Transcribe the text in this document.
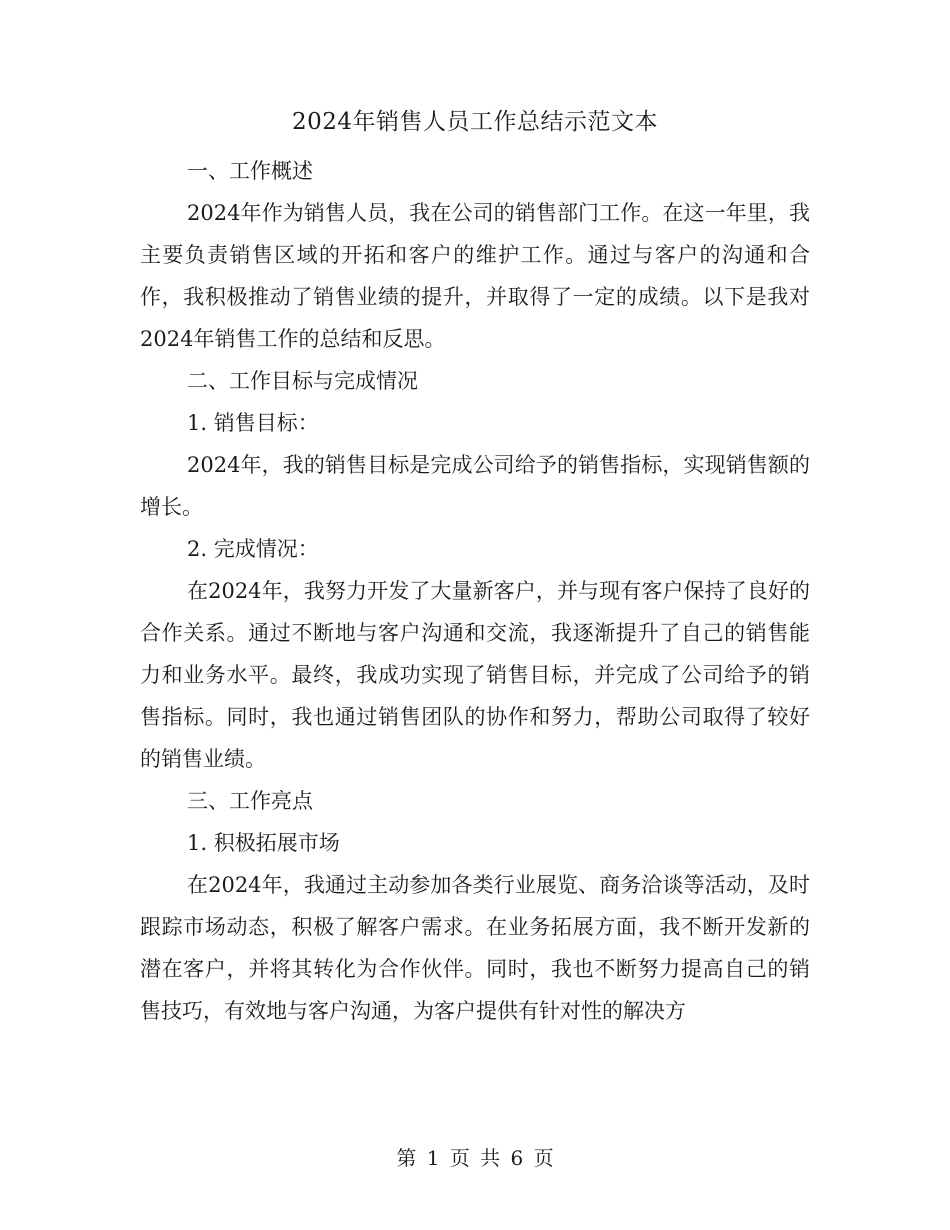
2024年销售人员工作总结示范文本

一、工作概述

2024年作为销售人员，我在公司的销售部门工作。在这一年里，我主要负责销售区域的开拓和客户的维护工作。通过与客户的沟通和合作，我积极推动了销售业绩的提升，并取得了一定的成绩。以下是我对2024年销售工作的总结和反思。

二、工作目标与完成情况

1. 销售目标：

2024年，我的销售目标是完成公司给予的销售指标，实现销售额的增长。

2. 完成情况：

在2024年，我努力开发了大量新客户，并与现有客户保持了良好的合作关系。通过不断地与客户沟通和交流，我逐渐提升了自己的销售能力和业务水平。最终，我成功实现了销售目标，并完成了公司给予的销售指标。同时，我也通过销售团队的协作和努力，帮助公司取得了较好的销售业绩。

三、工作亮点

1. 积极拓展市场

在2024年，我通过主动参加各类行业展览、商务洽谈等活动，及时跟踪市场动态，积极了解客户需求。在业务拓展方面，我不断开发新的潜在客户，并将其转化为合作伙伴。同时，我也不断努力提高自己的销售技巧，有效地与客户沟通，为客户提供有针对性的解决方

第 1 页 共 6 页
